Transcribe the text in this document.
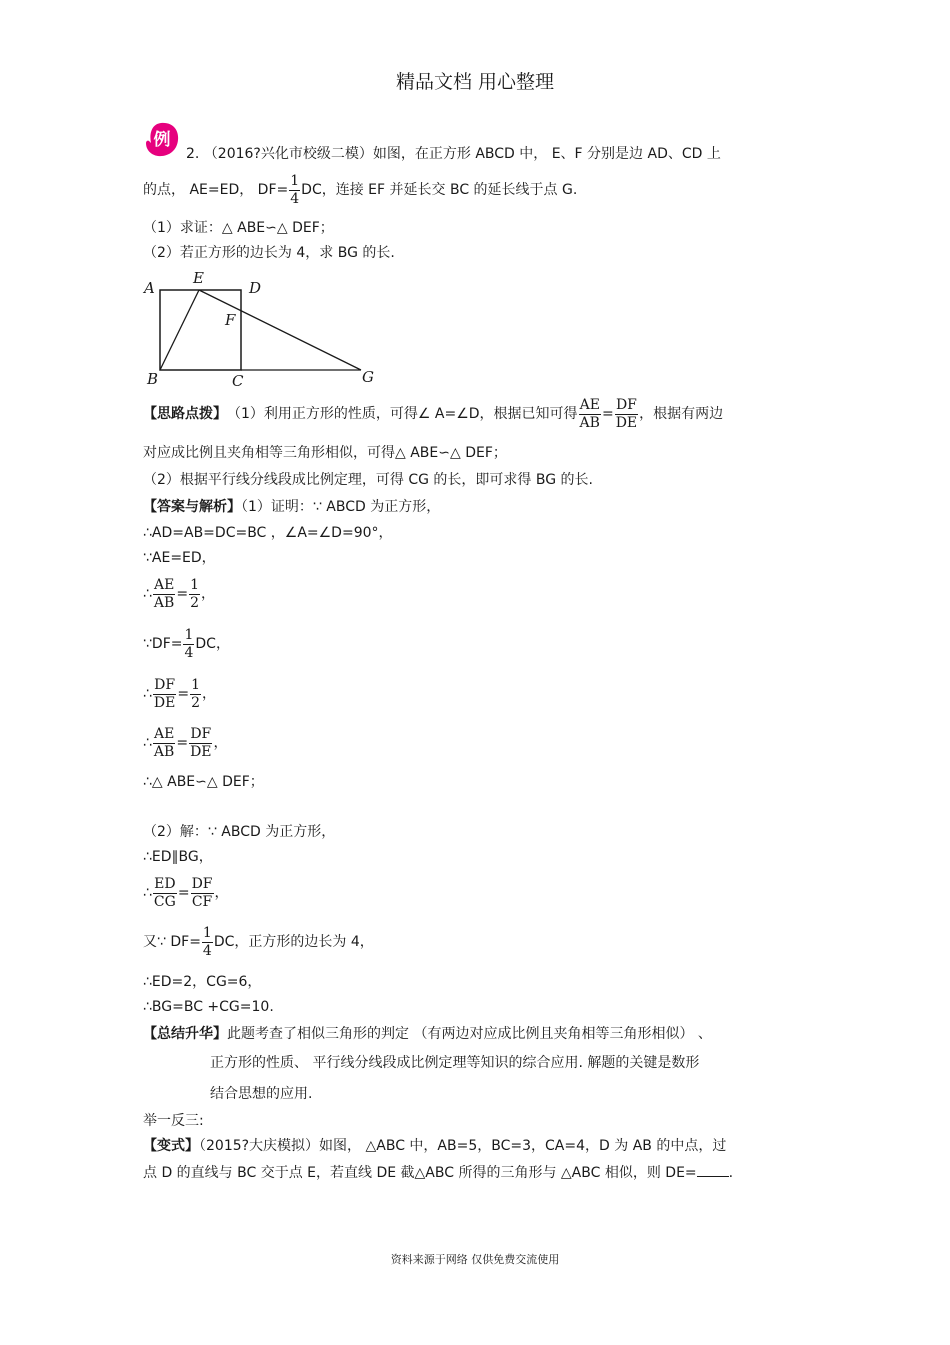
精品文档 用心整理
例
2. （2016?兴化市校级二模）如图，在正方形 ABCD 中， E、F 分别是边 AD、CD 上
的点， AE=ED， $DF= \frac{1}{4}$ DC，连接 EF 并延长交 BC 的延长线于点 G.
（1）求证：△ ABE∽△ DEF；
（2）若正方形的边长为 4，求 BG 的长.
A
E
D
F
B	C	G
【思路点拨】 （1）利用正方形的性质，可得∠ A=∠D，根据已知可得 $\frac{AE}{AB} = \frac{DF}{DE}$ ，根据有两边
对应成比例且夹角相等三角形相似，可得△ ABE∽△ DEF；
（2）根据平行线分线段成比例定理，可得 CG 的长，即可求得 BG 的长.
【答案与解析】（1）证明：∵ ABCD 为正方形，
∴AD=AB=DC=BC ，∠A=∠D=90°，
∵AE=ED，
∴ $\frac{AE}{AB} = \frac{1}{2}$ ，
∵DF= $\frac{1}{4}$ DC，
∴ $\frac{DF}{DE} = \frac{1}{2}$ ，
∴ $\frac{AE}{AB} = \frac{DF}{DE}$ ，
∴△ ABE∽△ DEF；
（2）解：∵ ABCD 为正方形，
∴ED∥BG，
∴ $\frac{ED}{CG} = \frac{DF}{CF}$ ，
又∵ $DF= \frac{1}{4}$ DC，正方形的边长为 4，
∴ED=2，CG=6，
∴BG=BC +CG=10.
【总结升华】此题考查了相似三角形的判定 （有两边对应成比例且夹角相等三角形相似） 、
正方形的性质、 平行线分线段成比例定理等知识的综合应用. 解题的关键是数形
结合思想的应用.
举一反三:
【变式】（2015?大庆模拟）如图， △ABC 中，AB=5，BC=3，CA=4，D 为 AB 的中点，过
点 D 的直线与 BC 交于点 E，若直线 DE 截△ABC 所得的三角形与 △ABC 相似，则 DE= .
资料来源于网络 仅供免费交流使用
